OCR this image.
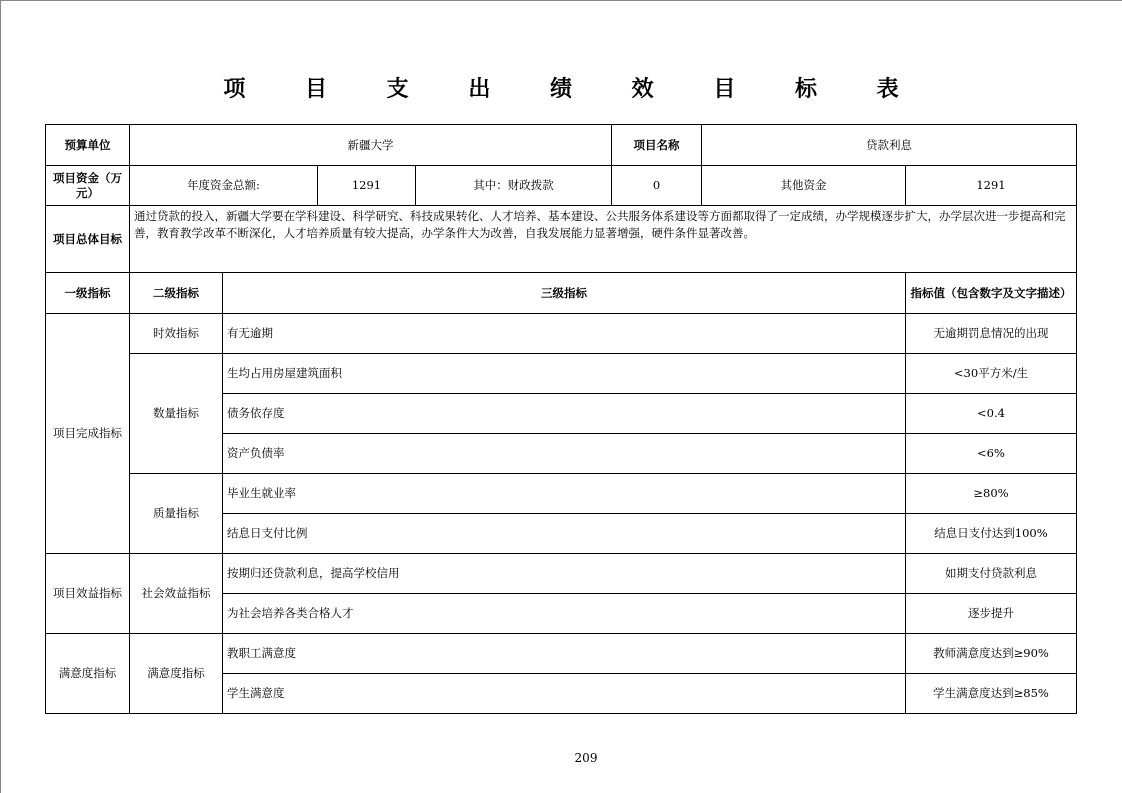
项 目 支 出 绩 效 目 标 表
预算单位	新疆大学				项目名称	贷款利息	
项目资金（万元）	年度资金总额:		1291	其中：财政拨款	0	其他资金	1291
项目总体目标	通过贷款的投入，新疆大学要在学科建设、科学研究、科技成果转化、人才培养、基本建设、公共服务体系建设等方面都取得了一定成绩，办学规模逐步扩大，办学层次进一步提高和完善，教育教学改革不断深化，人才培养质量有较大提高，办学条件大为改善，自我发展能力显著增强，硬件条件显著改善。						
一级指标	二级指标	三级指标					指标值（包含数字及文字描述）
项目完成指标	时效指标	有无逾期					无逾期罚息情况的出现
	数量指标	生均占用房屋建筑面积					<30平方米/生
		债务依存度					<0.4
		资产负债率					<6%
	质量指标	毕业生就业率					≥80%
		结息日支付比例					结息日支付达到100%
项目效益指标	社会效益指标	按期归还贷款利息，提高学校信用					如期支付贷款利息
		为社会培养各类合格人才					逐步提升
满意度指标	满意度指标	教职工满意度					教师满意度达到≥90%
		学生满意度					学生满意度达到≥85%
209
